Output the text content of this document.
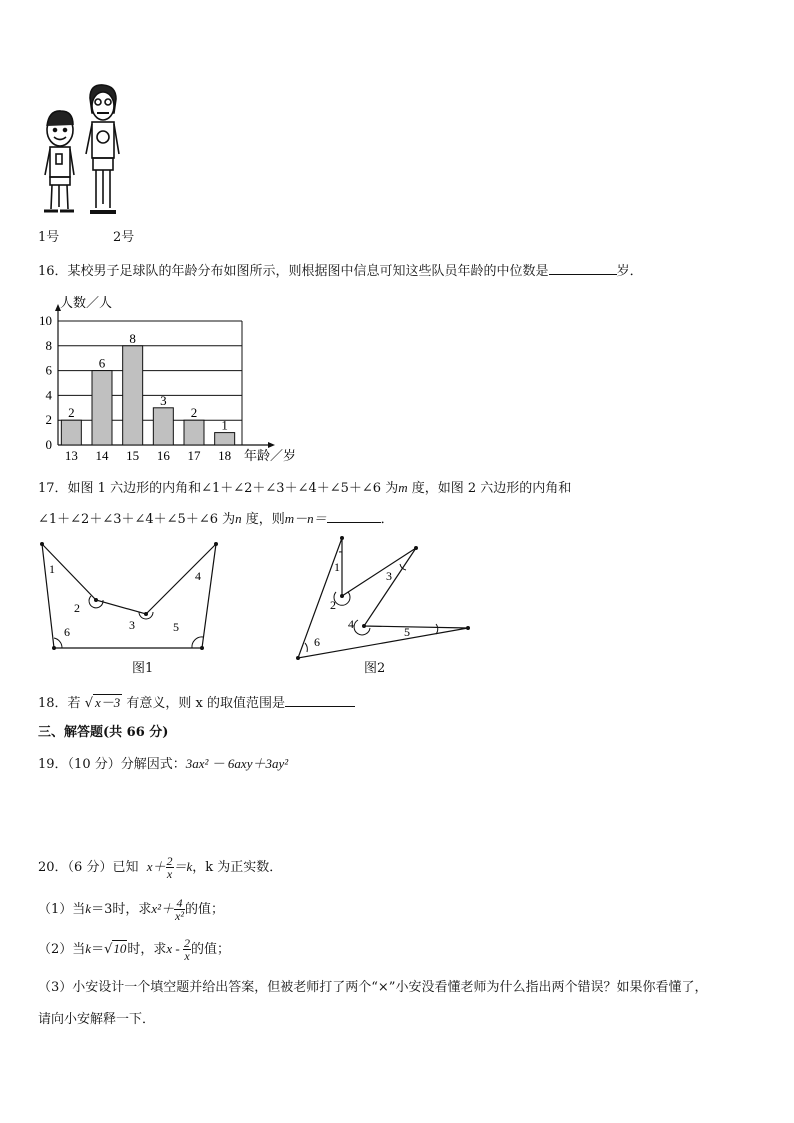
1号	2号
16．某校男子足球队的年龄分布如图所示，则根据图中信息可知这些队员年龄的中位数是	岁．
0
2
4
6
8
10
2
13
6
14
8
15
3
16
2
17
1
18
人数／人
年龄／岁
17．如图 1 六边形的内角和∠1＋∠2＋∠3＋∠4＋∠5＋∠6 为m 度，如图 2 六边形的内角和
∠1＋∠2＋∠3＋∠4＋∠5＋∠6 为n 度，则m－n＝	．
1
2
3
4
5
6
图1
1
2
3
4
5
6
图2
18．若 √ x－3 有意义，则 x 的取值范围是
三、解答题(共 66 分)
19．（10 分）分解因式：3ax² － 6axy＋3ay²
20．（6 分）已知 $x+ \frac{2}{x} =k$，k 为正实数．
（1）当k＝3时，求$x^2+ \frac{4}{\text{x²}}$ 的值；
（2）当k＝√10时，求x - $\frac{2}{x}$ 的值；
（3）小安设计一个填空题并给出答案，但被老师打了两个“×”小安没看懂老师为什么指出两个错误？如果你看懂了，
请向小安解释一下．
